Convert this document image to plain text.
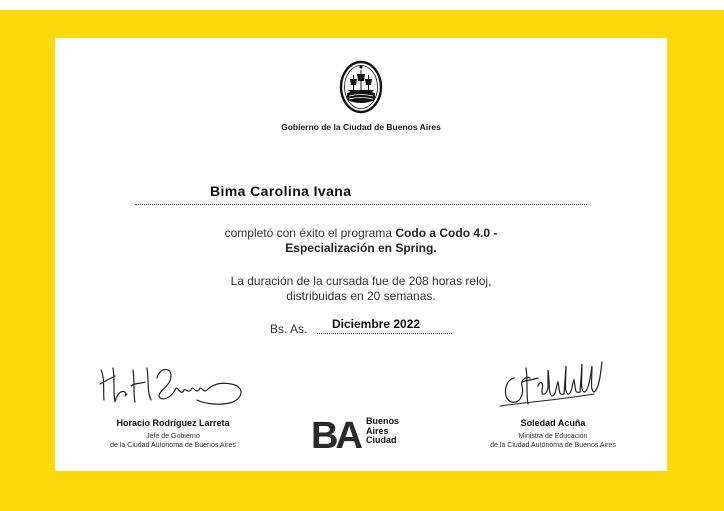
Gobierno de la Ciudad de Buenos Aires
Bima Carolina Ivana
completó con éxito el programa Codo a Codo 4.0 -
Especialización en Spring.
La duración de la cursada fue de 208 horas reloj,
distribuidas en 20 semanas.
Bs. As. Diciembre 2022
Horacio Rodríguez Larreta
Jefe de Gobierno
de la Ciudad Autónoma de Buenos Aires
Soledad Acuña
Ministra de Educación
de la Ciudad Autónoma de Buenos Aires
BA Buenos
Aires
Ciudad
